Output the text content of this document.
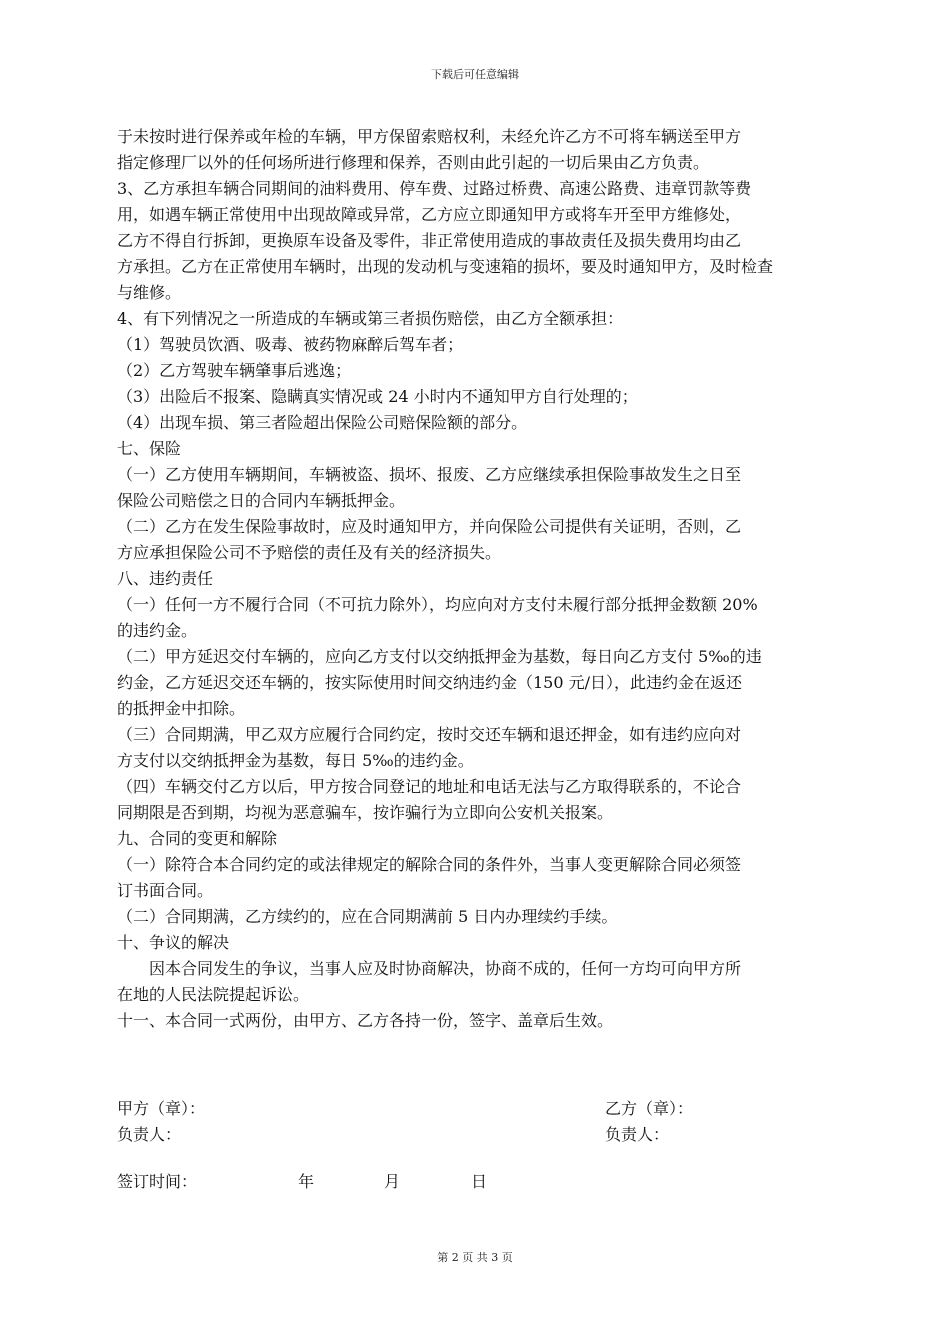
下载后可任意编辑
于未按时进行保养或年检的车辆，甲方保留索赔权利，未经允许乙方不可将车辆送至甲方
指定修理厂以外的任何场所进行修理和保养，否则由此引起的一切后果由乙方负责。
3、乙方承担车辆合同期间的油料费用、停车费、过路过桥费、高速公路费、违章罚款等费
用，如遇车辆正常使用中出现故障或异常，乙方应立即通知甲方或将车开至甲方维修处，
乙方不得自行拆卸，更换原车设备及零件，非正常使用造成的事故责任及损失费用均由乙
方承担。乙方在正常使用车辆时，出现的发动机与变速箱的损坏，要及时通知甲方，及时检查
与维修。
4、有下列情况之一所造成的车辆或第三者损伤赔偿，由乙方全额承担：
（1）驾驶员饮酒、吸毒、被药物麻醉后驾车者；
（2）乙方驾驶车辆肇事后逃逸；
（3）出险后不报案、隐瞒真实情况或 24 小时内不通知甲方自行处理的；
（4）出现车损、第三者险超出保险公司赔保险额的部分。
七、保险
（一）乙方使用车辆期间，车辆被盗、损坏、报废、乙方应继续承担保险事故发生之日至
保险公司赔偿之日的合同内车辆抵押金。
（二）乙方在发生保险事故时，应及时通知甲方，并向保险公司提供有关证明，否则，乙
方应承担保险公司不予赔偿的责任及有关的经济损失。
八、违约责任
（一）任何一方不履行合同（不可抗力除外），均应向对方支付未履行部分抵押金数额 20%
的违约金。
（二）甲方延迟交付车辆的，应向乙方支付以交纳抵押金为基数，每日向乙方支付 5‰的违
约金，乙方延迟交还车辆的，按实际使用时间交纳违约金（150 元/日），此违约金在返还
的抵押金中扣除。
（三）合同期满，甲乙双方应履行合同约定，按时交还车辆和退还押金，如有违约应向对
方支付以交纳抵押金为基数，每日 5‰的违约金。
（四）车辆交付乙方以后，甲方按合同登记的地址和电话无法与乙方取得联系的，不论合
同期限是否到期，均视为恶意骗车，按诈骗行为立即向公安机关报案。
九、合同的变更和解除
（一）除符合本合同约定的或法律规定的解除合同的条件外，当事人变更解除合同必须签
订书面合同。
（二）合同期满，乙方续约的，应在合同期满前 5 日内办理续约手续。
十、争议的解决
　　因本合同发生的争议，当事人应及时协商解决，协商不成的，任何一方均可向甲方所
在地的人民法院提起诉讼。
十一、本合同一式两份，由甲方、乙方各持一份，签字、盖章后生效。
甲方（章）：
负责人：
乙方（章）：
负责人：
签订时间：	年	月	日
第 2 页 共 3 页
